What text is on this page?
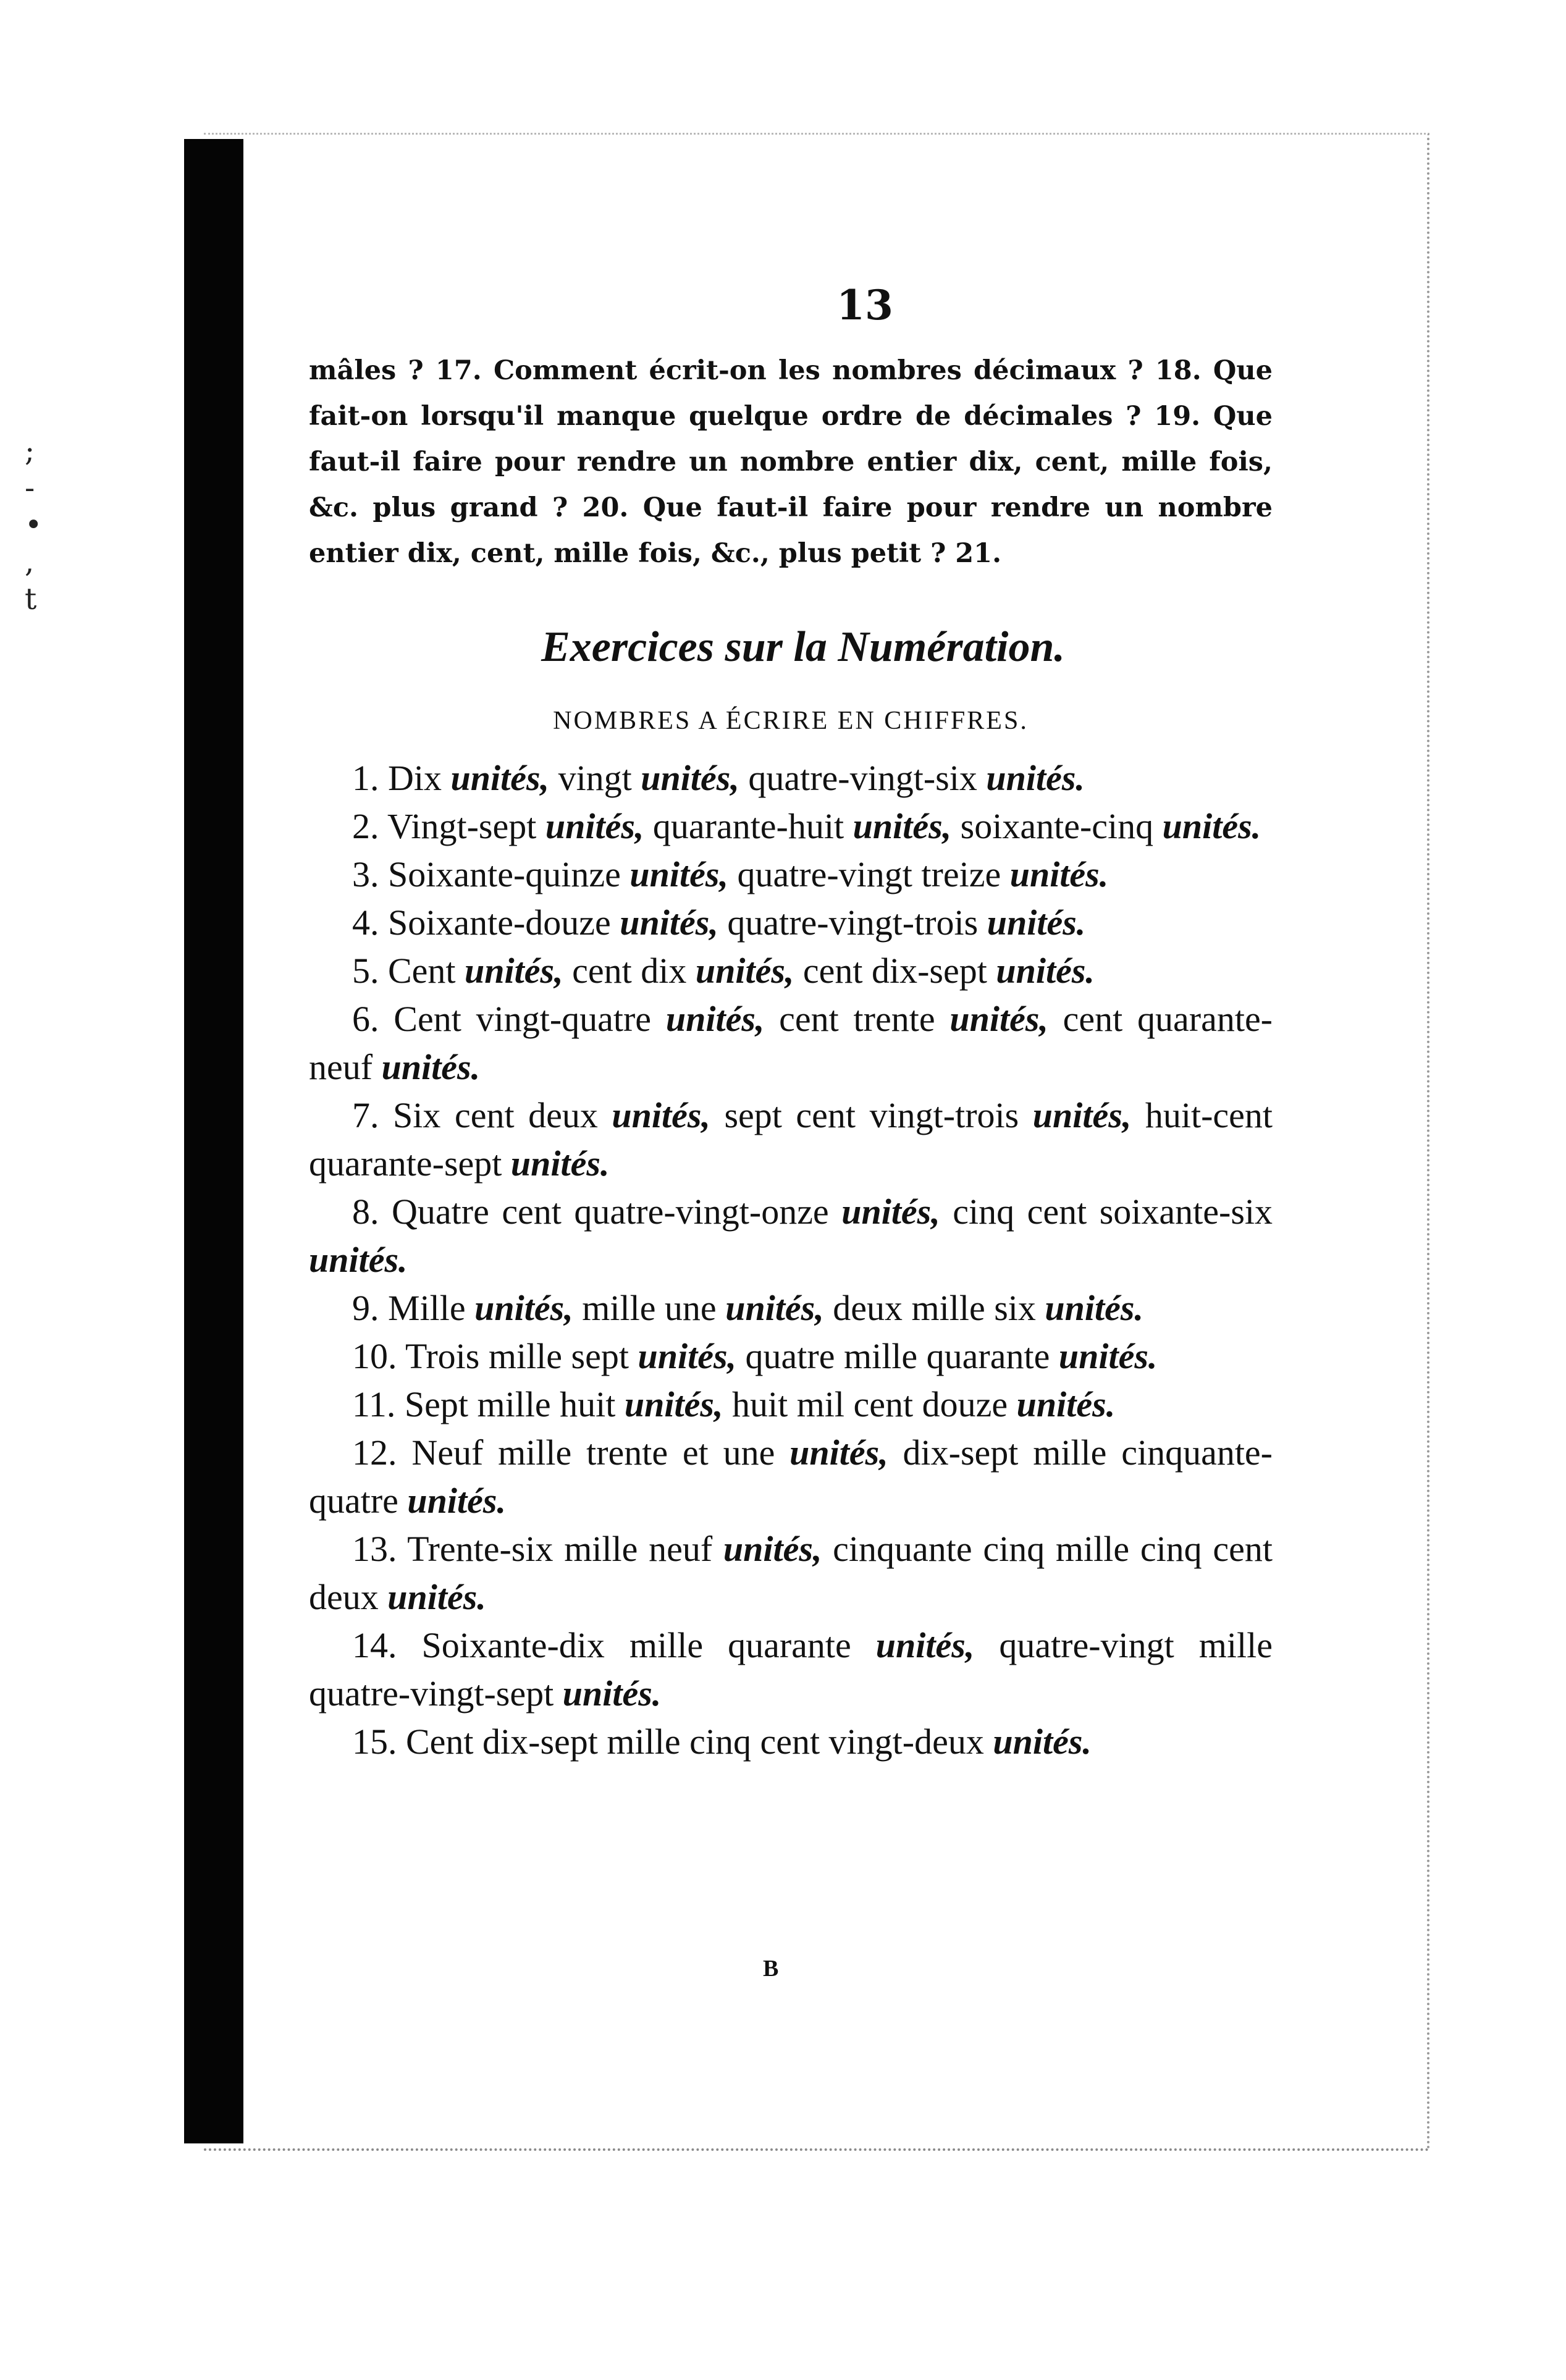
;
-
•
,
t
13

mâles ? 17. Comment écrit-on les nombres décimaux ? 18. Que fait-on lorsqu'il manque quelque ordre de décimales ? 19. Que faut-il faire pour rendre un nombre entier dix, cent, mille fois, &c. plus grand ? 20. Que faut-il faire pour rendre un nombre entier dix, cent, mille fois, &c., plus petit ? 21.

Exercices sur la Numération.
NOMBRES A ÉCRIRE EN CHIFFRES.

1. Dix unités, vingt unités, quatre-vingt-six unités.

2. Vingt-sept unités, quarante-huit unités, soixante-cinq unités.

3. Soixante-quinze unités, quatre-vingt treize unités.

4. Soixante-douze unités, quatre-vingt-trois unités.

5. Cent unités, cent dix unités, cent dix-sept unités.

6. Cent vingt-quatre unités, cent trente unités, cent quarante-neuf unités.

7. Six cent deux unités, sept cent vingt-trois unités, huit-cent quarante-sept unités.

8. Quatre cent quatre-vingt-onze unités, cinq cent soixante-six unités.

9. Mille unités, mille une unités, deux mille six unités.

10. Trois mille sept unités, quatre mille quarante unités.

11. Sept mille huit unités, huit mil cent douze unités.

12. Neuf mille trente et une unités, dix-sept mille cinquante-quatre unités.

13. Trente-six mille neuf unités, cinquante cinq mille cinq cent deux unités.

14. Soixante-dix mille quarante unités, quatre-vingt mille quatre-vingt-sept unités.

15. Cent dix-sept mille cinq cent vingt-deux unités.

B
